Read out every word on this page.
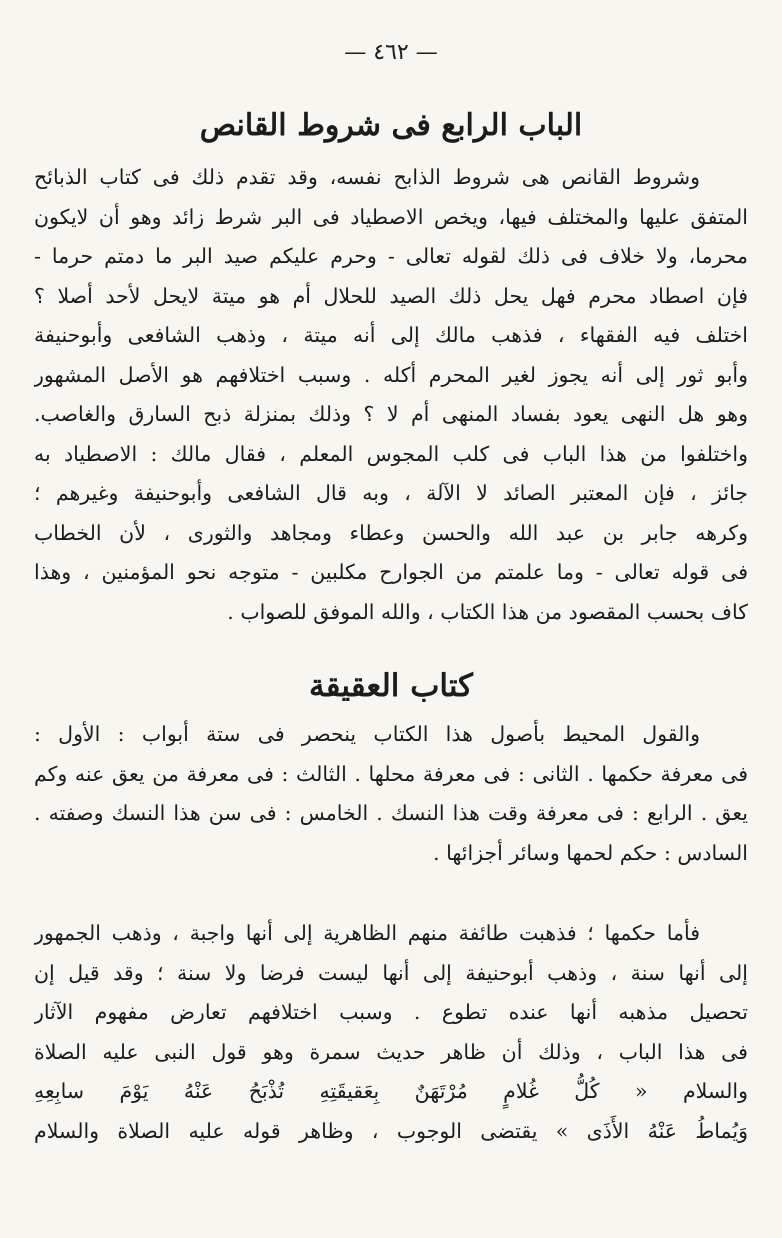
— ٤٦٢ —
الباب الرابع فى شروط القانص
وشروط القانص هى شروط الذابح نفسه، وقد تقدم ذلك فى كتاب الذبائح
المتفق عليها والمختلف فيها، ويخص الاصطياد فى البر شرط زائد وهو أن لايكون
محرما، ولا خلاف فى ذلك لقوله تعالى - وحرم عليكم صيد البر ما دمتم حرما -
فإن اصطاد محرم فهل يحل ذلك الصيد للحلال أم هو ميتة لايحل لأحد أصلا ؟
اختلف فيه الفقهاء ، فذهب مالك إلى أنه ميتة ، وذهب الشافعى وأبوحنيفة
وأبو ثور إلى أنه يجوز لغير المحرم أكله . وسبب اختلافهم هو الأصل المشهور
وهو هل النهى يعود بفساد المنهى أم لا ؟ وذلك بمنزلة ذبح السارق والغاصب.
واختلفوا من هذا الباب فى كلب المجوس المعلم ، فقال مالك : الاصطياد به
جائز ، فإن المعتبر الصائد لا الآلة ، وبه قال الشافعى وأبوحنيفة وغيرهم ؛
وكرهه جابر بن عبد الله والحسن وعطاء ومجاهد والثورى ، لأن الخطاب
فى قوله تعالى - وما علمتم من الجوارح مكلبين - متوجه نحو المؤمنين ، وهذا
كاف بحسب المقصود من هذا الكتاب ، والله الموفق للصواب .
كتاب العقيقة
والقول المحيط بأصول هذا الكتاب ينحصر فى ستة أبواب : الأول :
فى معرفة حكمها . الثانى : فى معرفة محلها . الثالث : فى معرفة من يعق عنه وكم
يعق . الرابع : فى معرفة وقت هذا النسك . الخامس : فى سن هذا النسك وصفته .
السادس : حكم لحمها وسائر أجزائها .
فأما حكمها ؛ فذهبت طائفة منهم الظاهرية إلى أنها واجبة ، وذهب الجمهور
إلى أنها سنة ، وذهب أبوحنيفة إلى أنها ليست فرضا ولا سنة ؛ وقد قيل إن
تحصيل مذهبه أنها عنده تطوع . وسبب اختلافهم تعارض مفهوم الآثار
فى هذا الباب ، وذلك أن ظاهر حديث سمرة وهو قول النبى عليه الصلاة
والسلام « كُلُّ غُلامٍ مُرْتَهَنٌ بِعَقيقَتِهِ تُذْبَحُ عَنْهُ يَوْمَ سابِعِهِ
وَيُماطُ عَنْهُ الأَذَى » يقتضى الوجوب ، وظاهر قوله عليه الصلاة والسلام
